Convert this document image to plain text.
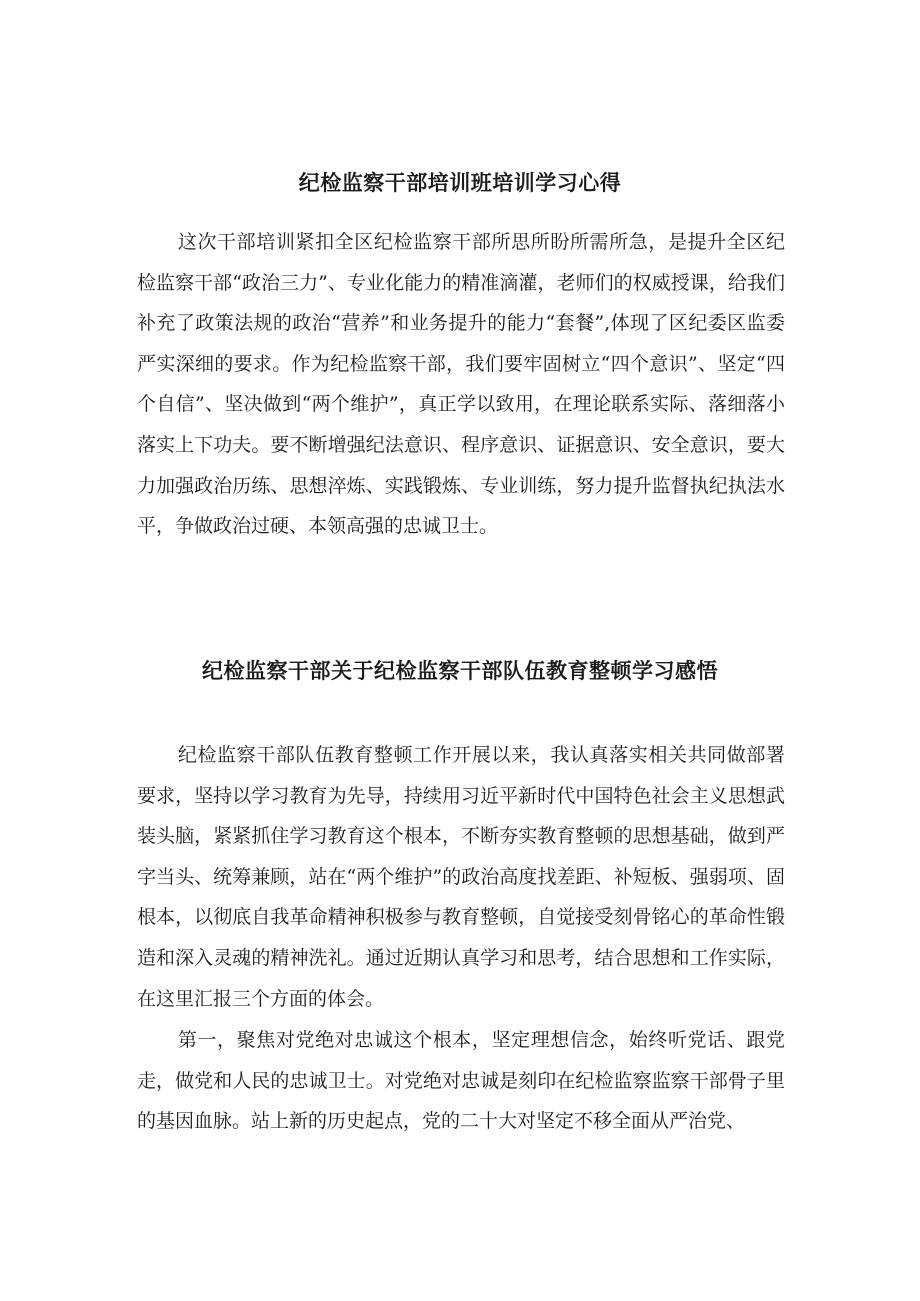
纪检监察干部培训班培训学习心得

这次干部培训紧扣全区纪检监察干部所思所盼所需所急，是提升全区纪检监察干部“政治三力”、专业化能力的精准滴灌，老师们的权威授课，给我们补充了政策法规的政治“营养”和业务提升的能力“套餐”,体现了区纪委区监委严实深细的要求。作为纪检监察干部，我们要牢固树立“四个意识”、坚定“四个自信”、坚决做到“两个维护”，真正学以致用，在理论联系实际、落细落小落实上下功夫。要不断增强纪法意识、程序意识、证据意识、安全意识，要大力加强政治历练、思想淬炼、实践锻炼、专业训练，努力提升监督执纪执法水平，争做政治过硬、本领高强的忠诚卫士。

纪检监察干部关于纪检监察干部队伍教育整顿学习感悟

纪检监察干部队伍教育整顿工作开展以来，我认真落实相关共同做部署要求，坚持以学习教育为先导，持续用习近平新时代中国特色社会主义思想武装头脑，紧紧抓住学习教育这个根本，不断夯实教育整顿的思想基础，做到严字当头、统筹兼顾，站在“两个维护”的政治高度找差距、补短板、强弱项、固根本，以彻底自我革命精神积极参与教育整顿，自觉接受刻骨铭心的革命性锻造和深入灵魂的精神洗礼。通过近期认真学习和思考，结合思想和工作实际，在这里汇报三个方面的体会。

第一，聚焦对党绝对忠诚这个根本，坚定理想信念，始终听党话、跟党走，做党和人民的忠诚卫士。对党绝对忠诚是刻印在纪检监察监察干部骨子里的基因血脉。站上新的历史起点，党的二十大对坚定不移全面从严治党、
